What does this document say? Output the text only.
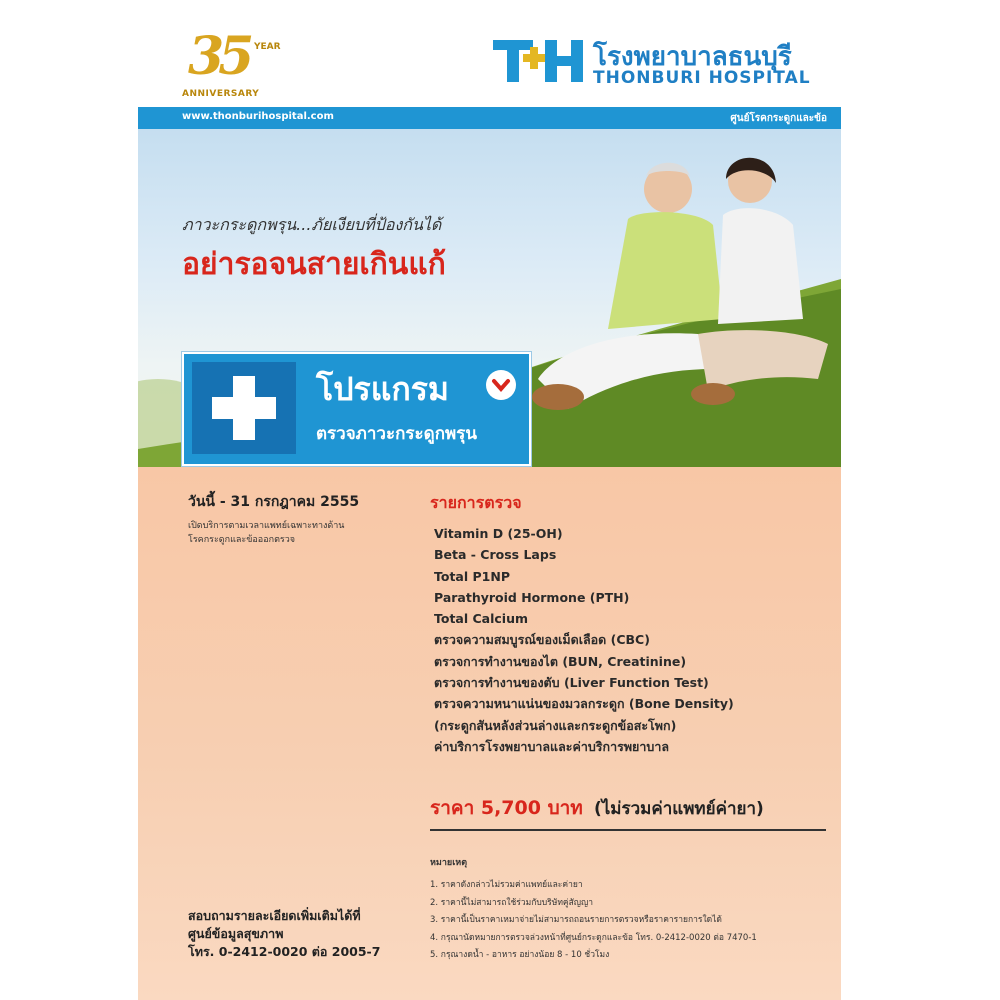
35 YEAR
ANNIVERSARY
โรงพยาบาลธนบุรี
THONBURI HOSPITAL
www.thonburihospital.com	ศูนย์โรคกระดูกและข้อ
ภาวะกระดูกพรุน...ภัยเงียบที่ป้องกันได้
อย่ารอจนสายเกินแก้
โปรแกรม
ตรวจภาวะกระดูกพรุน
วันนี้ - 31 กรกฎาคม 2555
เปิดบริการตามเวลาแพทย์เฉพาะทางด้าน
โรคกระดูกและข้อออกตรวจ
รายการตรวจ
Vitamin D (25-OH)
Beta - Cross Laps
Total P1NP
Parathyroid Hormone (PTH)
Total Calcium
ตรวจความสมบูรณ์ของเม็ดเลือด (CBC)
ตรวจการทำงานของไต (BUN, Creatinine)
ตรวจการทำงานของตับ (Liver Function Test)
ตรวจความหนาแน่นของมวลกระดูก (Bone Density)
(กระดูกสันหลังส่วนล่างและกระดูกข้อสะโพก)
ค่าบริการโรงพยาบาลและค่าบริการพยาบาล
ราคา 5,700 บาท (ไม่รวมค่าแพทย์ค่ายา)
หมายเหตุ
1. ราคาดังกล่าวไม่รวมค่าแพทย์และค่ายา
2. ราคานี้ไม่สามารถใช้ร่วมกับบริษัทคู่สัญญา
3. ราคานี้เป็นราคาเหมาจ่ายไม่สามารถถอนรายการตรวจหรือราคารายการใดได้
4. กรุณานัดหมายการตรวจล่วงหน้าที่ศูนย์กระดูกและข้อ โทร. 0-2412-0020 ต่อ 7470-1
5. กรุณางดน้ำ - อาหาร อย่างน้อย 8 - 10 ชั่วโมง
สอบถามรายละเอียดเพิ่มเติมได้ที่
ศูนย์ข้อมูลสุขภาพ
โทร. 0-2412-0020 ต่อ 2005-7
